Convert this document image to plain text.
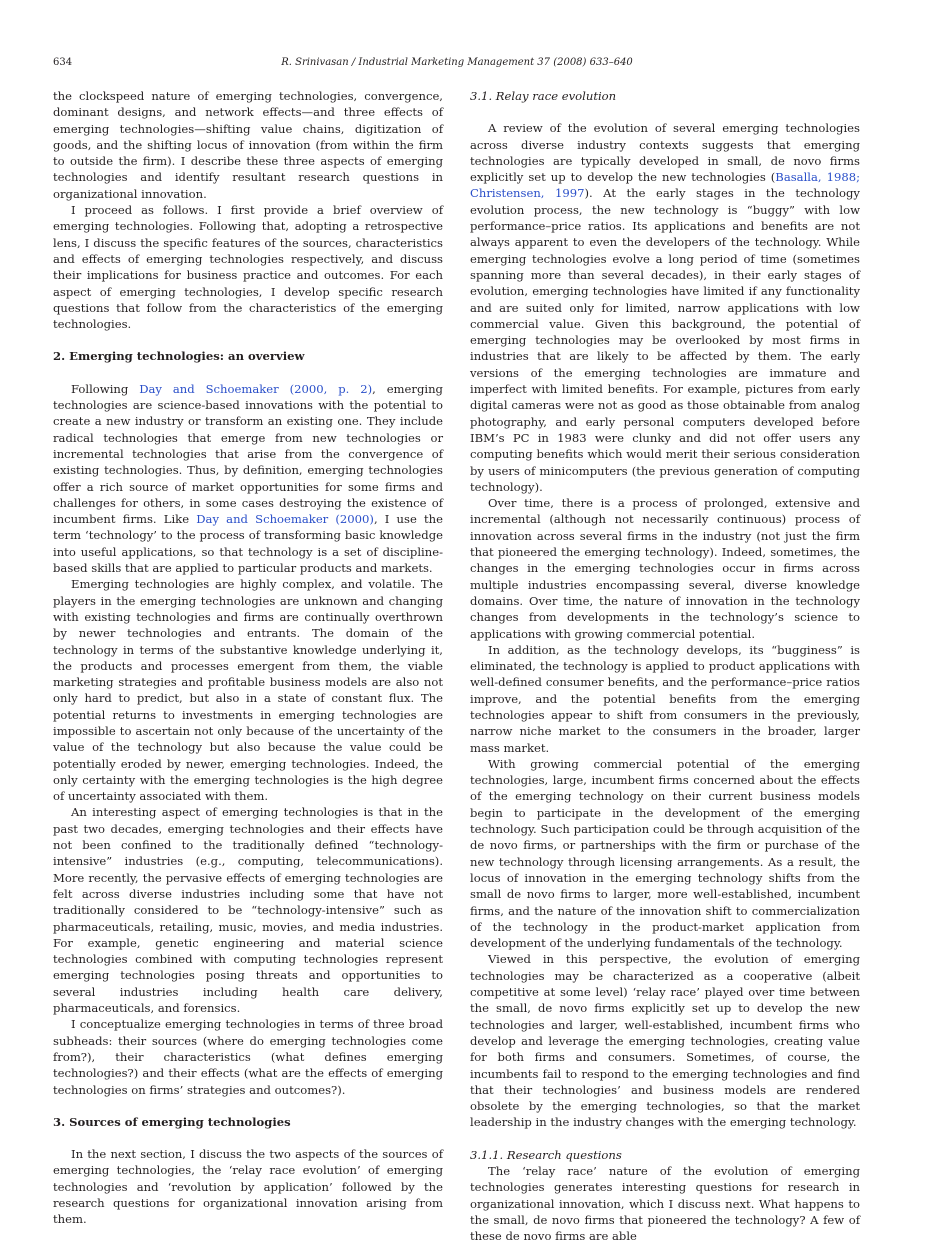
634	R. Srinivasan / Industrial Marketing Management 37 (2008) 633–640

the clockspeed nature of emerging technologies, convergence, dominant designs, and network effects—and three effects of emerging technologies—shifting value chains, digitization of goods, and the shifting locus of innovation (from within the firm to outside the firm). I describe these three aspects of emerging technologies and identify resultant research questions in organizational innovation.

I proceed as follows. I first provide a brief overview of emerging technologies. Following that, adopting a retrospective lens, I discuss the specific features of the sources, characteristics and effects of emerging technologies respectively, and discuss their implications for business practice and outcomes. For each aspect of emerging technologies, I develop specific research questions that follow from the characteristics of the emerging technologies.

2. Emerging technologies: an overview

Following Day and Schoemaker (2000, p. 2), emerging technologies are science-based innovations with the potential to create a new industry or transform an existing one. They include radical technologies that emerge from new technologies or incremental technologies that arise from the convergence of existing technologies. Thus, by definition, emerging technologies offer a rich source of market opportunities for some firms and challenges for others, in some cases destroying the existence of incumbent firms. Like Day and Schoemaker (2000), I use the term ‘technology’ to the process of transforming basic knowledge into useful applications, so that technology is a set of discipline-based skills that are applied to particular products and markets.

Emerging technologies are highly complex, and volatile. The players in the emerging technologies are unknown and changing with existing technologies and firms are continually overthrown by newer technologies and entrants. The domain of the technology in terms of the substantive knowledge underlying it, the products and processes emergent from them, the viable marketing strategies and profitable business models are also not only hard to predict, but also in a state of constant flux. The potential returns to investments in emerging technologies are impossible to ascertain not only because of the uncertainty of the value of the technology but also because the value could be potentially eroded by newer, emerging technologies. Indeed, the only certainty with the emerging technologies is the high degree of uncertainty associated with them.

An interesting aspect of emerging technologies is that in the past two decades, emerging technologies and their effects have not been confined to the traditionally defined “technology-intensive” industries (e.g., computing, telecommunications). More recently, the pervasive effects of emerging technologies are felt across diverse industries including some that have not traditionally considered to be “technology-intensive” such as pharmaceuticals, retailing, music, movies, and media industries. For example, genetic engineering and material science technologies combined with computing technologies represent emerging technologies posing threats and opportunities to several industries including health care delivery, pharmaceuticals, and forensics.

I conceptualize emerging technologies in terms of three broad subheads: their sources (where do emerging technologies come from?), their characteristics (what defines emerging technologies?) and their effects (what are the effects of emerging technologies on firms’ strategies and outcomes?).

3. Sources of emerging technologies

In the next section, I discuss the two aspects of the sources of emerging technologies, the ‘relay race evolution’ of emerging technologies and ‘revolution by application’ followed by the research questions for organizational innovation arising from them.

3.1. Relay race evolution

A review of the evolution of several emerging technologies across diverse industry contexts suggests that emerging technologies are typically developed in small, de novo firms explicitly set up to develop the new technologies (Basalla, 1988; Christensen, 1997). At the early stages in the technology evolution process, the new technology is “buggy” with low performance–price ratios. Its applications and benefits are not always apparent to even the developers of the technology. While emerging technologies evolve a long period of time (sometimes spanning more than several decades), in their early stages of evolution, emerging technologies have limited if any functionality and are suited only for limited, narrow applications with low commercial value. Given this background, the potential of emerging technologies may be overlooked by most firms in industries that are likely to be affected by them. The early versions of the emerging technologies are immature and imperfect with limited benefits. For example, pictures from early digital cameras were not as good as those obtainable from analog photography, and early personal computers developed before IBM’s PC in 1983 were clunky and did not offer users any computing benefits which would merit their serious consideration by users of minicomputers (the previous generation of computing technology).

Over time, there is a process of prolonged, extensive and incremental (although not necessarily continuous) process of innovation across several firms in the industry (not just the firm that pioneered the emerging technology). Indeed, sometimes, the changes in the emerging technologies occur in firms across multiple industries encompassing several, diverse knowledge domains. Over time, the nature of innovation in the technology changes from developments in the technology’s science to applications with growing commercial potential.

In addition, as the technology develops, its “bugginess” is eliminated, the technology is applied to product applications with well-defined consumer benefits, and the performance–price ratios improve, and the potential benefits from the emerging technologies appear to shift from consumers in the previously, narrow niche market to the consumers in the broader, larger mass market.

With growing commercial potential of the emerging technologies, large, incumbent firms concerned about the effects of the emerging technology on their current business models begin to participate in the development of the emerging technology. Such participation could be through acquisition of the de novo firms, or partnerships with the firm or purchase of the new technology through licensing arrangements. As a result, the locus of innovation in the emerging technology shifts from the small de novo firms to larger, more well-established, incumbent firms, and the nature of the innovation shift to commercialization of the technology in the product-market application from development of the underlying fundamentals of the technology.

Viewed in this perspective, the evolution of emerging technologies may be characterized as a cooperative (albeit competitive at some level) ‘relay race’ played over time between the small, de novo firms explicitly set up to develop the new technologies and larger, well-established, incumbent firms who develop and leverage the emerging technologies, creating value for both firms and consumers. Sometimes, of course, the incumbents fail to respond to the emerging technologies and find that their technologies’ and business models are rendered obsolete by the emerging technologies, so that the market leadership in the industry changes with the emerging technology.

3.1.1. Research questions

The ‘relay race’ nature of the evolution of emerging technologies generates interesting questions for research in organizational innovation, which I discuss next. What happens to the small, de novo firms that pioneered the technology? A few of these de novo firms are able
